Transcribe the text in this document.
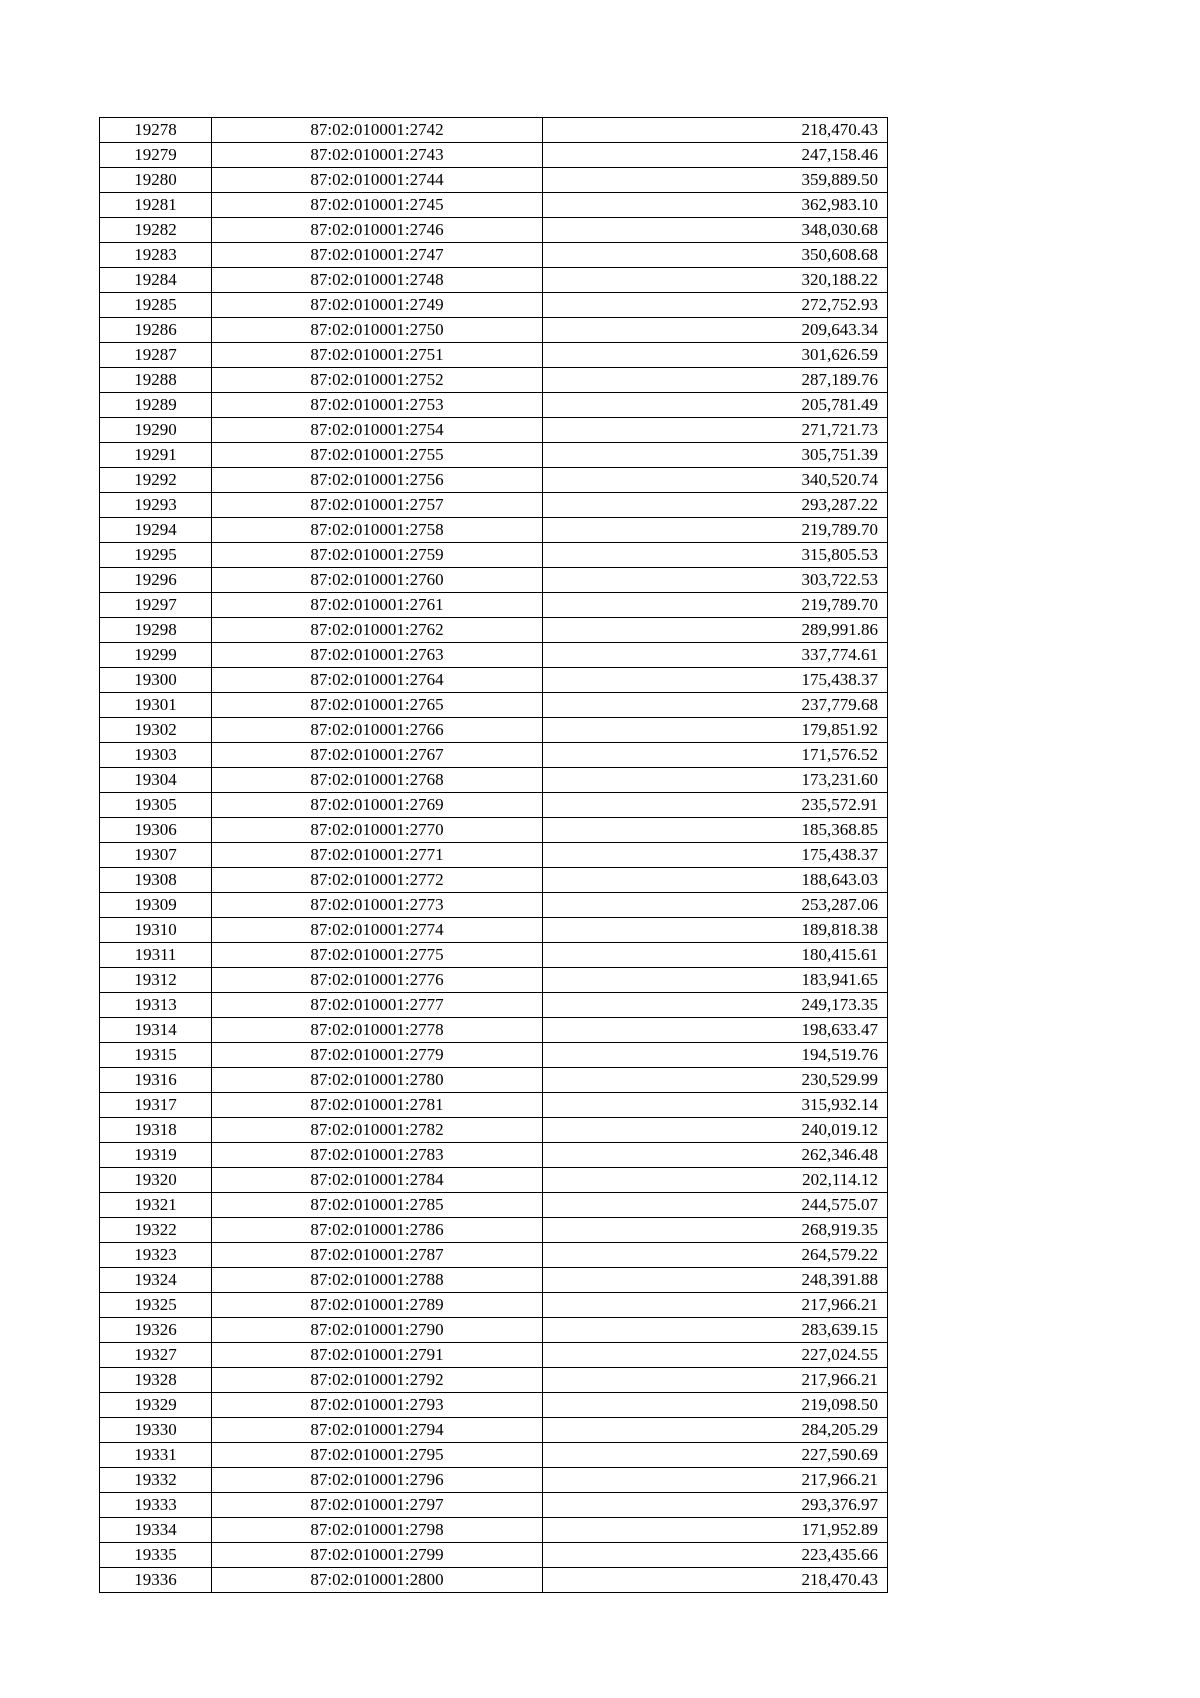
19278	87:02:010001:2742	218,470.43
19279	87:02:010001:2743	247,158.46
19280	87:02:010001:2744	359,889.50
19281	87:02:010001:2745	362,983.10
19282	87:02:010001:2746	348,030.68
19283	87:02:010001:2747	350,608.68
19284	87:02:010001:2748	320,188.22
19285	87:02:010001:2749	272,752.93
19286	87:02:010001:2750	209,643.34
19287	87:02:010001:2751	301,626.59
19288	87:02:010001:2752	287,189.76
19289	87:02:010001:2753	205,781.49
19290	87:02:010001:2754	271,721.73
19291	87:02:010001:2755	305,751.39
19292	87:02:010001:2756	340,520.74
19293	87:02:010001:2757	293,287.22
19294	87:02:010001:2758	219,789.70
19295	87:02:010001:2759	315,805.53
19296	87:02:010001:2760	303,722.53
19297	87:02:010001:2761	219,789.70
19298	87:02:010001:2762	289,991.86
19299	87:02:010001:2763	337,774.61
19300	87:02:010001:2764	175,438.37
19301	87:02:010001:2765	237,779.68
19302	87:02:010001:2766	179,851.92
19303	87:02:010001:2767	171,576.52
19304	87:02:010001:2768	173,231.60
19305	87:02:010001:2769	235,572.91
19306	87:02:010001:2770	185,368.85
19307	87:02:010001:2771	175,438.37
19308	87:02:010001:2772	188,643.03
19309	87:02:010001:2773	253,287.06
19310	87:02:010001:2774	189,818.38
19311	87:02:010001:2775	180,415.61
19312	87:02:010001:2776	183,941.65
19313	87:02:010001:2777	249,173.35
19314	87:02:010001:2778	198,633.47
19315	87:02:010001:2779	194,519.76
19316	87:02:010001:2780	230,529.99
19317	87:02:010001:2781	315,932.14
19318	87:02:010001:2782	240,019.12
19319	87:02:010001:2783	262,346.48
19320	87:02:010001:2784	202,114.12
19321	87:02:010001:2785	244,575.07
19322	87:02:010001:2786	268,919.35
19323	87:02:010001:2787	264,579.22
19324	87:02:010001:2788	248,391.88
19325	87:02:010001:2789	217,966.21
19326	87:02:010001:2790	283,639.15
19327	87:02:010001:2791	227,024.55
19328	87:02:010001:2792	217,966.21
19329	87:02:010001:2793	219,098.50
19330	87:02:010001:2794	284,205.29
19331	87:02:010001:2795	227,590.69
19332	87:02:010001:2796	217,966.21
19333	87:02:010001:2797	293,376.97
19334	87:02:010001:2798	171,952.89
19335	87:02:010001:2799	223,435.66
19336	87:02:010001:2800	218,470.43
